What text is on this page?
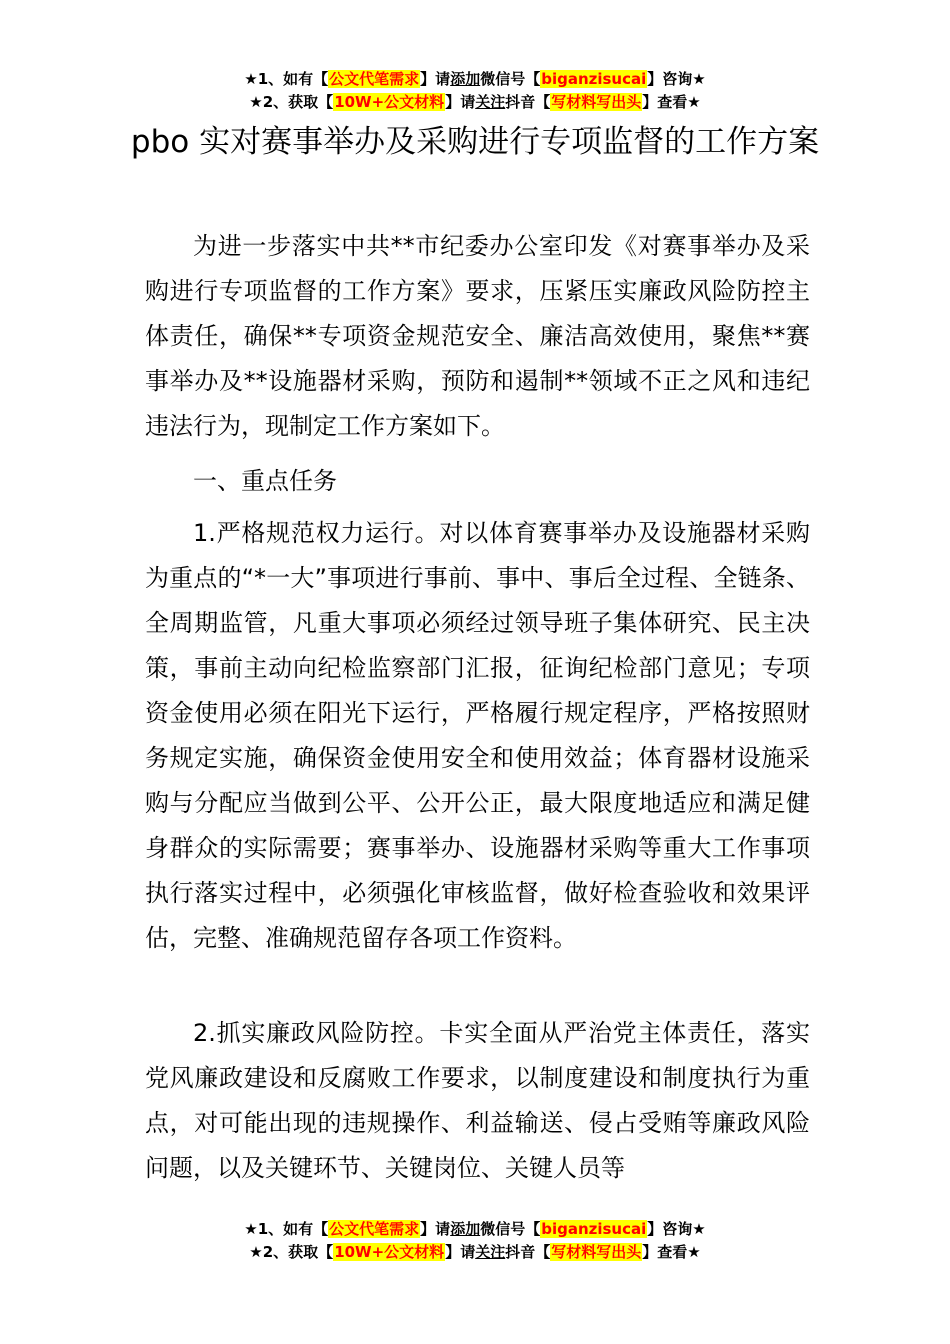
★1、如有【公文代笔需求】请添加微信号【biganzisucai】咨询★
★2、获取【10W+公文材料】请关注抖音【写材料写出头】查看★
pbo 实对赛事举办及采购进行专项监督的工作方案

为进一步落实中共**市纪委办公室印发《对赛事举办及采购进行专项监督的工作方案》要求，压紧压实廉政风险防控主体责任，确保**专项资金规范安全、廉洁高效使用，聚焦**赛事举办及**设施器材采购，预防和遏制**领域不正之风和违纪违法行为，现制定工作方案如下。

一、重点任务

1.严格规范权力运行。对以体育赛事举办及设施器材采购为重点的“*一大”事项进行事前、事中、事后全过程、全链条、全周期监管，凡重大事项必须经过领导班子集体研究、民主决策，事前主动向纪检监察部门汇报，征询纪检部门意见；专项资金使用必须在阳光下运行，严格履行规定程序，严格按照财务规定实施，确保资金使用安全和使用效益；体育器材设施采购与分配应当做到公平、公开公正，最大限度地适应和满足健身群众的实际需要；赛事举办、设施器材采购等重大工作事项执行落实过程中，必须强化审核监督，做好检查验收和效果评估，完整、准确规范留存各项工作资料。

2.抓实廉政风险防控。卡实全面从严治党主体责任，落实党风廉政建设和反腐败工作要求，以制度建设和制度执行为重点，对可能出现的违规操作、利益输送、侵占受贿等廉政风险问题，以及关键环节、关键岗位、关键人员等

★1、如有【公文代笔需求】请添加微信号【biganzisucai】咨询★
★2、获取【10W+公文材料】请关注抖音【写材料写出头】查看★
